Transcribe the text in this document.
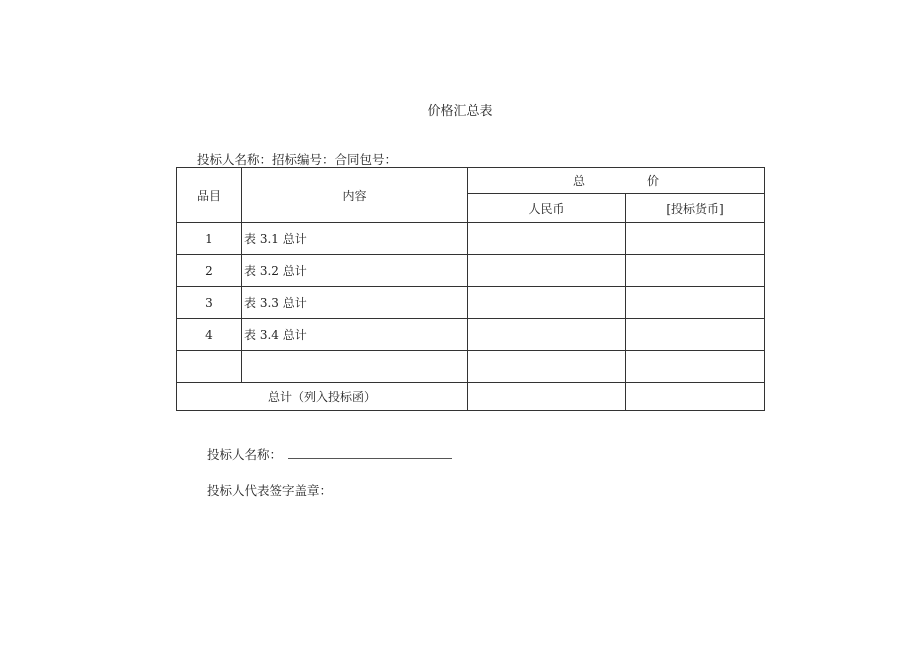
价格汇总表
投标人名称：招标编号：合同包号：
品目	内容	总 价	
		人民币	[投标货币]
1	表 3.1 总计		
2	表 3.2 总计		
3	表 3.3 总计		
4	表 3.4 总计		

总计（列入投标函）			
投标人名称：
投标人代表签字盖章：
